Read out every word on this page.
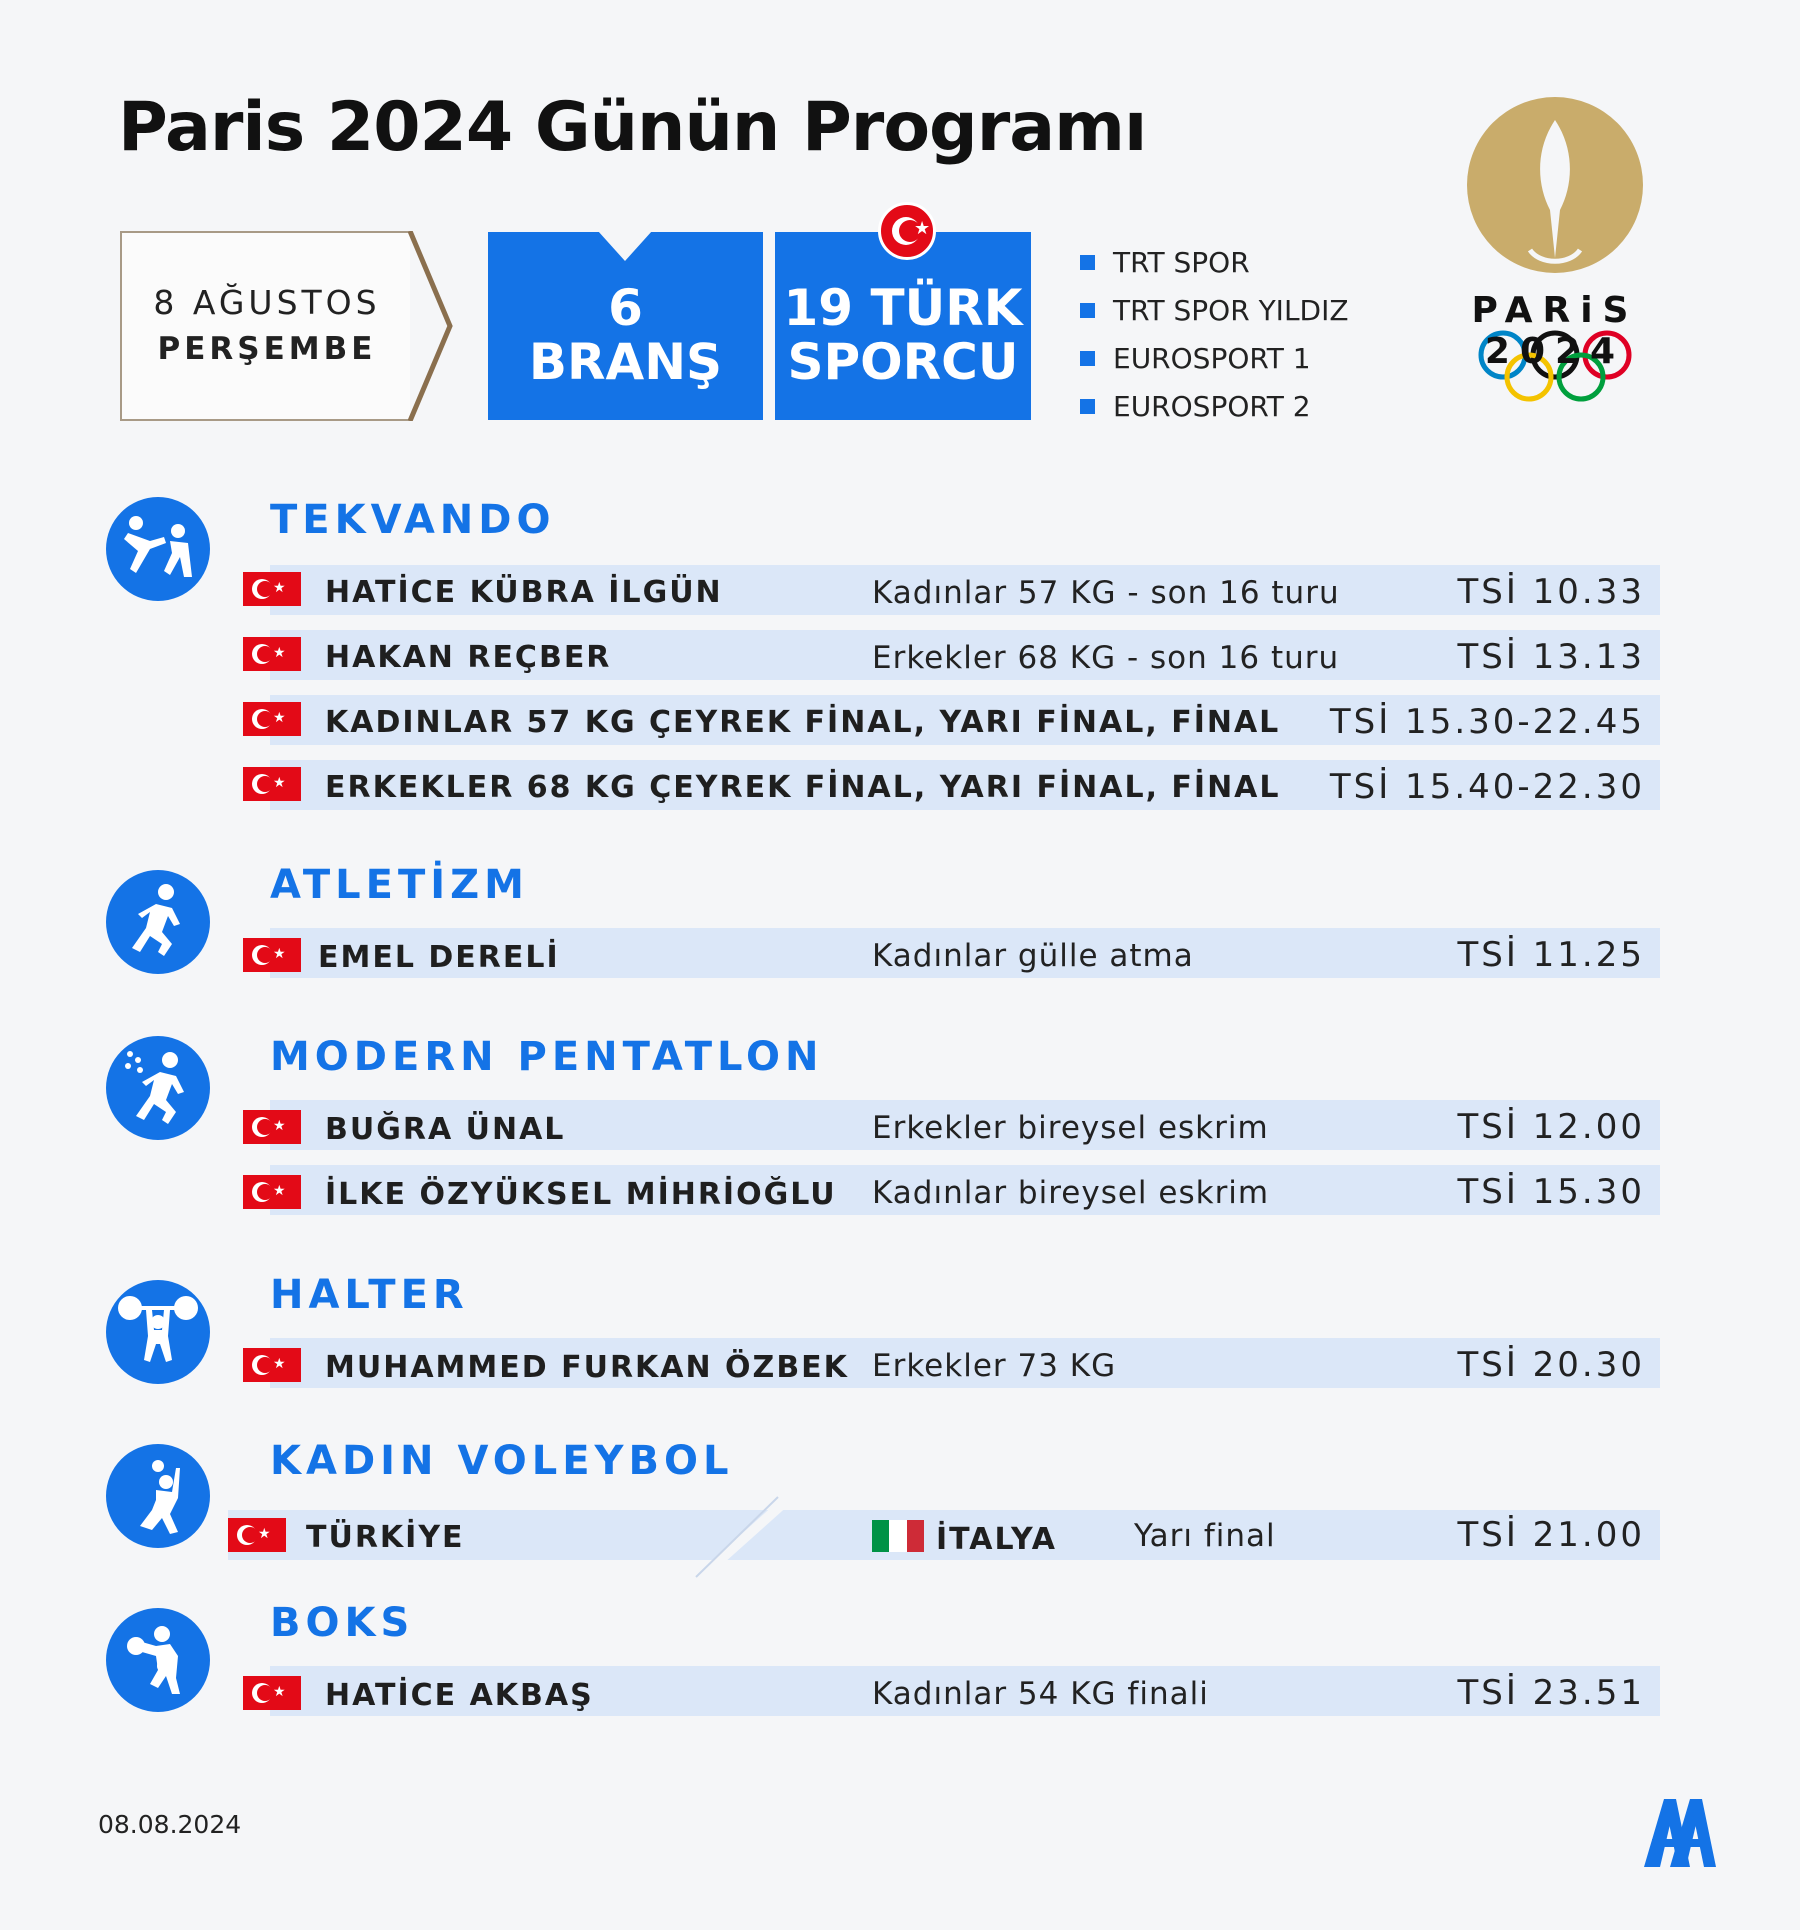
Paris 2024 Günün Programı
8 AĞUSTOS
PERŞEMBE
6
BRANŞ
★
19 TÜRK
SPORCU
TRT SPOR
TRT SPOR YILDIZ
EUROSPORT 1
EUROSPORT 2
PARiS 2024
TEKVANDO
★ HATİCE KÜBRA İLGÜN	Kadınlar 57 KG - son 16 turu	TSİ 10.33
★ HAKAN REÇBER	Erkekler 68 KG - son 16 turu	TSİ 13.13
★ KADINLAR 57 KG ÇEYREK FİNAL, YARI FİNAL, FİNAL TSİ 15.30-22.45
★ ERKEKLER 68 KG ÇEYREK FİNAL, YARI FİNAL, FİNAL TSİ 15.40-22.30
ATLETİZM
★ EMEL DERELİ	Kadınlar gülle atma	TSİ 11.25
MODERN PENTATLON
★ BUĞRA ÜNAL	Erkekler bireysel eskrim	TSİ 12.00
★ İLKE ÖZYÜKSEL MİHRİOĞLU Kadınlar bireysel eskrim	TSİ 15.30
HALTER
★ MUHAMMED FURKAN ÖZBEK Erkekler 73 KG	TSİ 20.30
KADIN VOLEYBOL
★ TÜRKİYE	İTALYA Yarı final	TSİ 21.00
BOKS
★ HATİCE AKBAŞ	Kadınlar 54 KG finali	TSİ 23.51
08.08.2024
